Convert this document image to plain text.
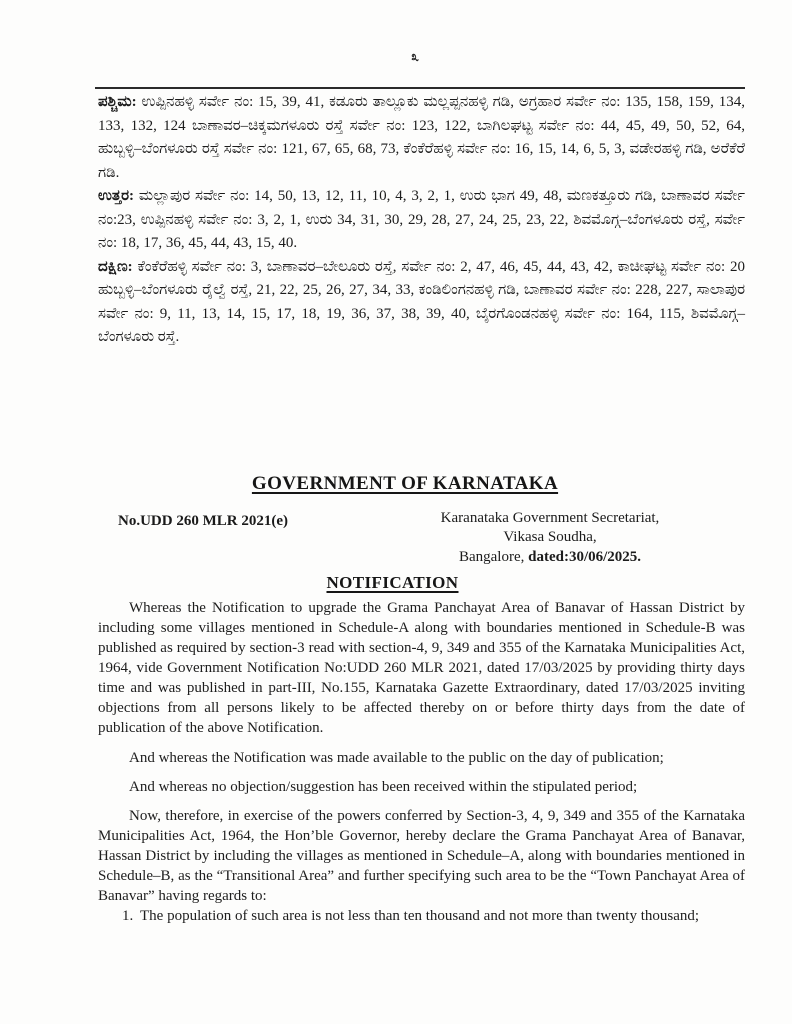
೩

ಪಶ್ಚಿಮ: ಉಪ್ಪಿನಹಳ್ಳಿ ಸರ್ವೇ ನಂ: 15, 39, 41, ಕಡೂರು ತಾಲ್ಲೂಕು ಮಲ್ಲಪ್ಪನಹಳ್ಳಿ ಗಡಿ, ಅಗ್ರಹಾರ ಸರ್ವೇ ನಂ: 135, 158, 159, 134, 133, 132, 124 ಬಾಣಾವರ–ಚಿಕ್ಕಮಗಳೂರು ರಸ್ತೆ ಸರ್ವೇ ನಂ: 123, 122, ಬಾಗಿಲಘಟ್ಟ ಸರ್ವೇ ನಂ: 44, 45, 49, 50, 52, 64, ಹುಬ್ಬಳ್ಳಿ–ಬೆಂಗಳೂರು ರಸ್ತೆ ಸರ್ವೇ ನಂ: 121, 67, 65, 68, 73, ಕೆಂಕೆರೆಹಳ್ಳಿ ಸರ್ವೇ ನಂ: 16, 15, 14, 6, 5, 3, ವಡೇರಹಳ್ಳಿ ಗಡಿ, ಅರೆಕೆರೆ ಗಡಿ.

ಉತ್ತರ: ಮಲ್ಲಾಪುರ ಸರ್ವೇ ನಂ: 14, 50, 13, 12, 11, 10, 4, 3, 2, 1, ಉರು ಭಾಗ 49, 48, ಮಣಕತ್ತೂರು ಗಡಿ, ಬಾಣಾವರ ಸರ್ವೇ ನಂ:23, ಉಪ್ಪಿನಹಳ್ಳಿ ಸರ್ವೇ ನಂ: 3, 2, 1, ಉರು 34, 31, 30, 29, 28, 27, 24, 25, 23, 22, ಶಿವಮೊಗ್ಗ–ಬೆಂಗಳೂರು ರಸ್ತೆ, ಸರ್ವೇ ನಂ: 18, 17, 36, 45, 44, 43, 15, 40.

ದಕ್ಷಿಣ: ಕೆಂಕೆರೆಹಳ್ಳಿ ಸರ್ವೇ ನಂ: 3, ಬಾಣಾವರ–ಬೇಲೂರು ರಸ್ತೆ, ಸರ್ವೇ ನಂ: 2, 47, 46, 45, 44, 43, 42, ಕಾಚೀಘಟ್ಟ ಸರ್ವೇ ನಂ: 20 ಹುಬ್ಬಳ್ಳಿ–ಬೆಂಗಳೂರು ರೈಲ್ವೆ ರಸ್ತೆ, 21, 22, 25, 26, 27, 34, 33, ಕಂಡಿಲಿಂಗನಹಳ್ಳಿ ಗಡಿ, ಬಾಣಾವರ ಸರ್ವೇ ನಂ: 228, 227, ಸಾಲಾಪುರ ಸರ್ವೇ ನಂ: 9, 11, 13, 14, 15, 17, 18, 19, 36, 37, 38, 39, 40, ಬೈರಗೊಂಡನಹಳ್ಳಿ ಸರ್ವೇ ನಂ: 164, 115, ಶಿವಮೊಗ್ಗ–ಬೆಂಗಳೂರು ರಸ್ತೆ.

GOVERNMENT OF KARNATAKA
No.UDD 260 MLR 2021(e)	Karanataka Government Secretariat,
Vikasa Soudha,
Bangalore, dated:30/06/2025.
NOTIFICATION

Whereas the Notification to upgrade the Grama Panchayat Area of Banavar of Hassan District by including some villages mentioned in Schedule-A along with boundaries mentioned in Schedule-B was published as required by section-3 read with section-4, 9, 349 and 355 of the Karnataka Municipalities Act, 1964, vide Government Notification No:UDD 260 MLR 2021, dated 17/03/2025 by providing thirty days time and was published in part-III, No.155, Karnataka Gazette Extraordinary, dated 17/03/2025 inviting objections from all persons likely to be affected thereby on or before thirty days from the date of publication of the above Notification.

And whereas the Notification was made available to the public on the day of publication;

And whereas no objection/suggestion has been received within the stipulated period;

Now, therefore, in exercise of the powers conferred by Section-3, 4, 9, 349 and 355 of the Karnataka Municipalities Act, 1964, the Hon’ble Governor, hereby declare the Grama Panchayat Area of Banavar, Hassan District by including the villages as mentioned in Schedule–A, along with boundaries mentioned in Schedule–B, as the “Transitional Area” and further specifying such area to be the “Town Panchayat Area of Banavar” having regards to:

1. The population of such area is not less than ten thousand and not more than twenty thousand;
